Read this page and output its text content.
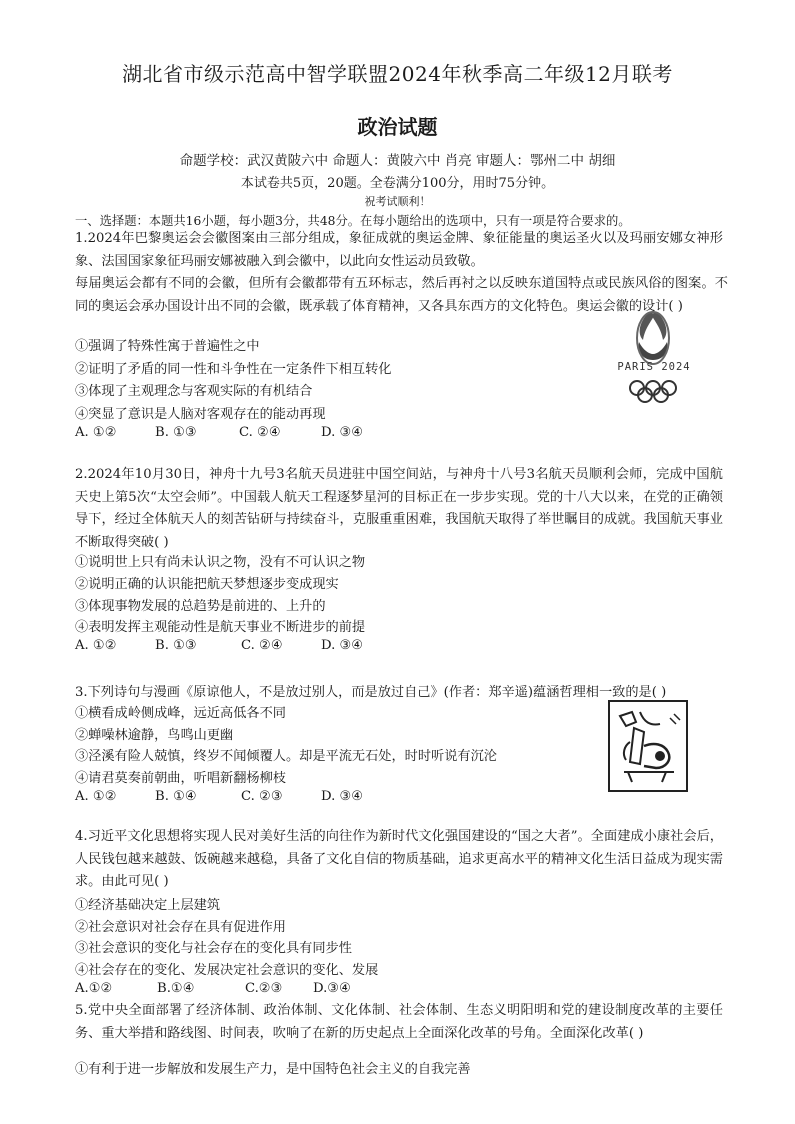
湖北省市级示范高中智学联盟2024年秋季高二年级12月联考
政治试题
命题学校：武汉黄陂六中 命题人：黄陂六中 肖亮 审题人：鄂州二中 胡细
本试卷共5页，20题。全卷满分100分，用时75分钟。
祝考试顺利！
一、选择题：本题共16小题，每小题3分，共48分。在每小题给出的选项中，只有一项是符合要求的。
1.2024年巴黎奥运会会徽图案由三部分组成，象征成就的奥运金牌、象征能量的奥运圣火以及玛丽安娜女神形象、法国国家象征玛丽安娜被融入到会徽中，以此向女性运动员致敬。
每届奥运会都有不同的会徽，但所有会徽都带有五环标志，然后再衬之以反映东道国特点或民族风俗的图案。不同的奥运会承办国设计出不同的会徽，既承载了体育精神，又各具东西方的文化特色。奥运会徽的设计( )
①强调了特殊性寓于普遍性之中
②证明了矛盾的同一性和斗争性在一定条件下相互转化
③体现了主观理念与客观实际的有机结合
④突显了意识是人脑对客观存在的能动再现
A. ①②	B. ①③	C. ②④	D. ③④
PARIS 2024
2.2024年10月30日，神舟十九号3名航天员进驻中国空间站，与神舟十八号3名航天员顺利会师，完成中国航天史上第5次“太空会师”。中国载人航天工程逐梦星河的目标正在一步步实现。党的十八大以来，在党的正确领导下，经过全体航天人的刻苦钻研与持续奋斗，克服重重困难，我国航天取得了举世瞩目的成就。我国航天事业不断取得突破( )
①说明世上只有尚未认识之物，没有不可认识之物
②说明正确的认识能把航天梦想逐步变成现实
③体现事物发展的总趋势是前进的、上升的
④表明发挥主观能动性是航天事业不断进步的前提
A. ①②	B. ①③	C. ②④	D. ③④
3.下列诗句与漫画《原谅他人，不是放过别人，而是放过自己》(作者：郑辛遥)蕴涵哲理相一致的是( )
①横看成岭侧成峰，远近高低各不同
②蝉噪林逾静，鸟鸣山更幽
③泾溪有险人兢慎，终岁不闻倾覆人。却是平流无石处，时时听说有沉沦
④请君莫奏前朝曲，听唱新翻杨柳枝
A. ①②	B. ①④	C. ②③	D. ③④
4.习近平文化思想将实现人民对美好生活的向往作为新时代文化强国建设的“国之大者”。全面建成小康社会后，人民钱包越来越鼓、饭碗越来越稳，具备了文化自信的物质基础，追求更高水平的精神文化生活日益成为现实需求。由此可见( )
①经济基础决定上层建筑
②社会意识对社会存在具有促进作用
③社会意识的变化与社会存在的变化具有同步性
④社会存在的变化、发展决定社会意识的变化、发展
A.①②	B.①④	C.②③ D.③④
5.党中央全面部署了经济体制、政治体制、文化体制、社会体制、生态义明阳明和党的建设制度改革的主要任务、重大举措和路线图、时间表，吹响了在新的历史起点上全面深化改革的号角。全面深化改革( )
①有利于进一步解放和发展生产力，是中国特色社会主义的自我完善
